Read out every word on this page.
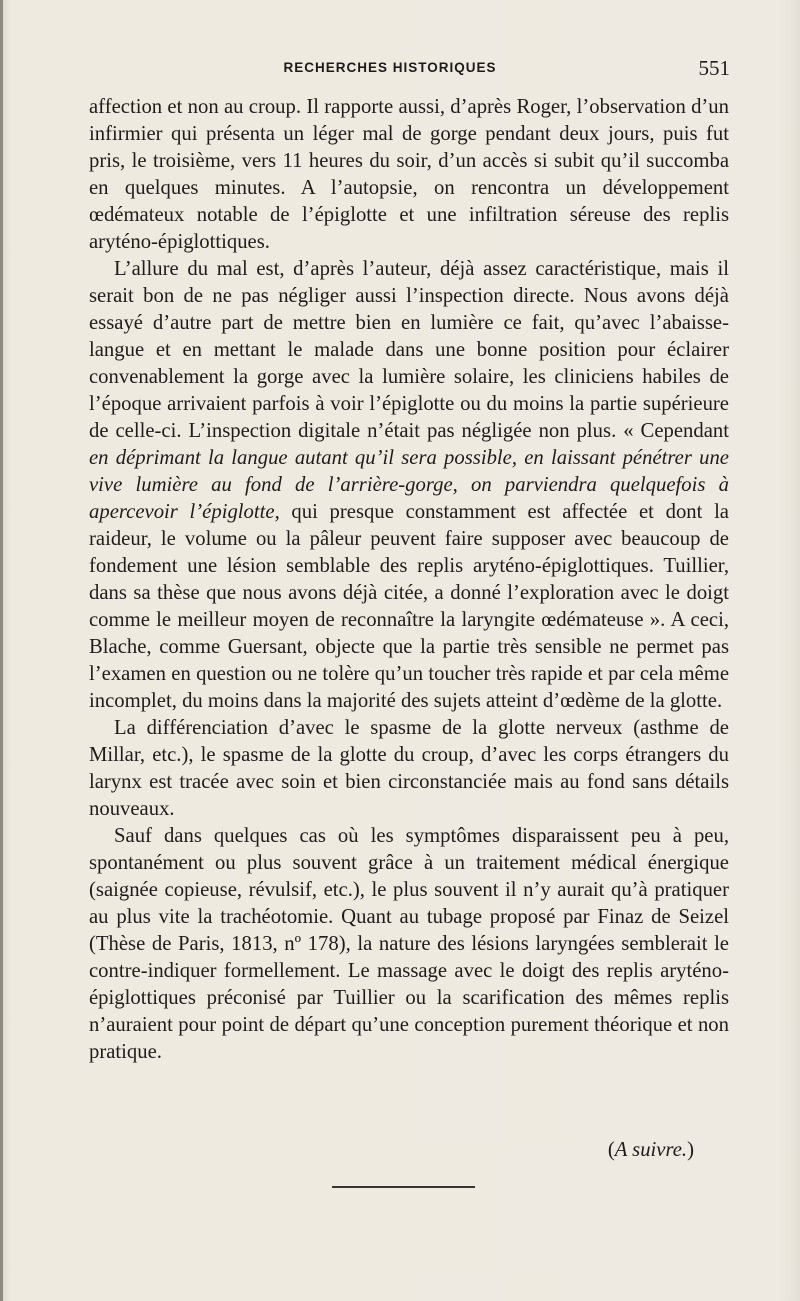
RECHERCHES HISTORIQUES	551

affection et non au croup. Il rapporte aussi, d’après Roger, l’observation d’un infirmier qui présenta un léger mal de gorge pendant deux jours, puis fut pris, le troisième, vers 11 heures du soir, d’un accès si subit qu’il succomba en quelques minutes. A l’autopsie, on rencontra un développement œdémateux notable de l’épiglotte et une infiltration séreuse des replis aryténo-épiglottiques.

L’allure du mal est, d’après l’auteur, déjà assez caractéristique, mais il serait bon de ne pas négliger aussi l’inspection directe. Nous avons déjà essayé d’autre part de mettre bien en lumière ce fait, qu’avec l’abaisse-langue et en mettant le malade dans une bonne position pour éclairer convenablement la gorge avec la lumière solaire, les cliniciens habiles de l’époque arrivaient parfois à voir l’épiglotte ou du moins la partie supérieure de celle-ci. L’inspection digitale n’était pas négligée non plus. « Cependant en déprimant la langue autant qu’il sera possible, en laissant pénétrer une vive lumière au fond de l’arrière-gorge, on parviendra quelquefois à apercevoir l’épiglotte, qui presque constamment est affectée et dont la raideur, le volume ou la pâleur peuvent faire supposer avec beaucoup de fondement une lésion semblable des replis aryténo-épiglottiques. Tuillier, dans sa thèse que nous avons déjà citée, a donné l’exploration avec le doigt comme le meilleur moyen de reconnaître la laryngite œdémateuse ». A ceci, Blache, comme Guersant, objecte que la partie très sensible ne permet pas l’examen en question ou ne tolère qu’un toucher très rapide et par cela même incomplet, du moins dans la majorité des sujets atteint d’œdème de la glotte.

La différenciation d’avec le spasme de la glotte nerveux (asthme de Millar, etc.), le spasme de la glotte du croup, d’avec les corps étrangers du larynx est tracée avec soin et bien circonstanciée mais au fond sans détails nouveaux.

Sauf dans quelques cas où les symptômes disparaissent peu à peu, spontanément ou plus souvent grâce à un traitement médical énergique (saignée copieuse, révulsif, etc.), le plus souvent il n’y aurait qu’à pratiquer au plus vite la trachéotomie. Quant au tubage proposé par Finaz de Seizel (Thèse de Paris, 1813, nº 178), la nature des lésions laryngées semblerait le contre-indiquer formellement. Le massage avec le doigt des replis aryténo-épiglottiques préconisé par Tuillier ou la scarification des mêmes replis n’auraient pour point de départ qu’une conception purement théorique et non pratique.

(A suivre.)
